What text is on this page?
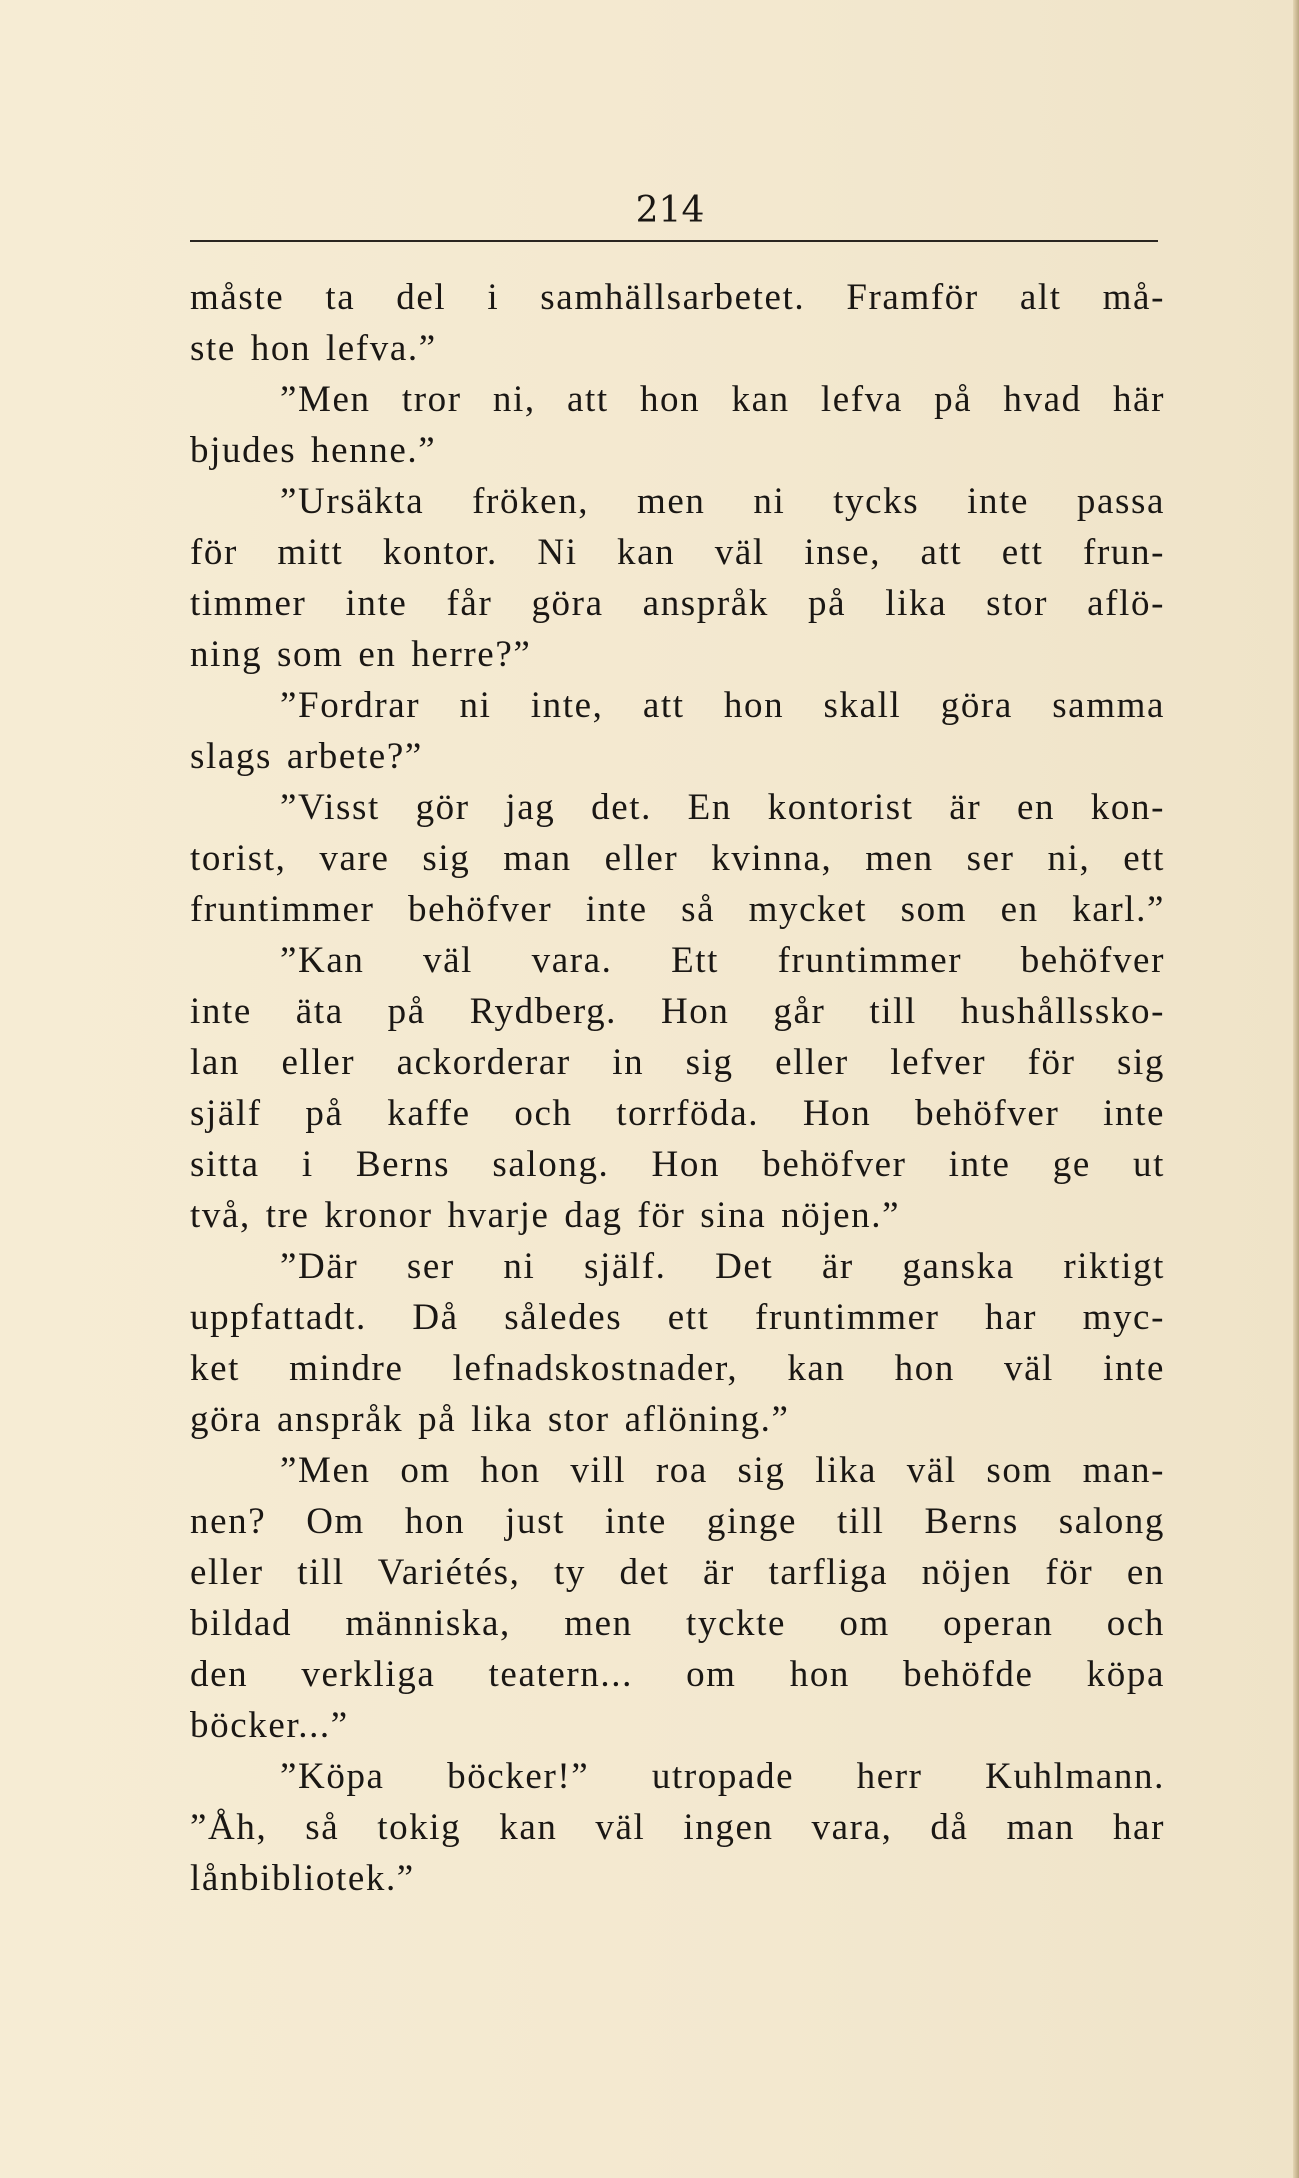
214
måste ta del i samhällsarbetet. Framför alt må-
ste hon lefva.”
”Men tror ni, att hon kan lefva på hvad här
bjudes henne.”
”Ursäkta fröken, men ni tycks inte passa
för mitt kontor. Ni kan väl inse, att ett frun-
timmer inte får göra anspråk på lika stor aflö-
ning som en herre?”
”Fordrar ni inte, att hon skall göra samma
slags arbete?”
”Visst gör jag det. En kontorist är en kon-
torist, vare sig man eller kvinna, men ser ni, ett
fruntimmer behöfver inte så mycket som en karl.”
”Kan väl vara. Ett fruntimmer behöfver
inte äta på Rydberg. Hon går till hushållssko-
lan eller ackorderar in sig eller lefver för sig
själf på kaffe och torrföda. Hon behöfver inte
sitta i Berns salong. Hon behöfver inte ge ut
två, tre kronor hvarje dag för sina nöjen.”
”Där ser ni själf. Det är ganska riktigt
uppfattadt. Då således ett fruntimmer har myc-
ket mindre lefnadskostnader, kan hon väl inte
göra anspråk på lika stor aflöning.”
”Men om hon vill roa sig lika väl som man-
nen? Om hon just inte ginge till Berns salong
eller till Variétés, ty det är tarfliga nöjen för en
bildad människa, men tyckte om operan och
den verkliga teatern... om hon behöfde köpa
böcker...”
”Köpa böcker!” utropade herr Kuhlmann.
”Åh, så tokig kan väl ingen vara, då man har
lånbibliotek.”
